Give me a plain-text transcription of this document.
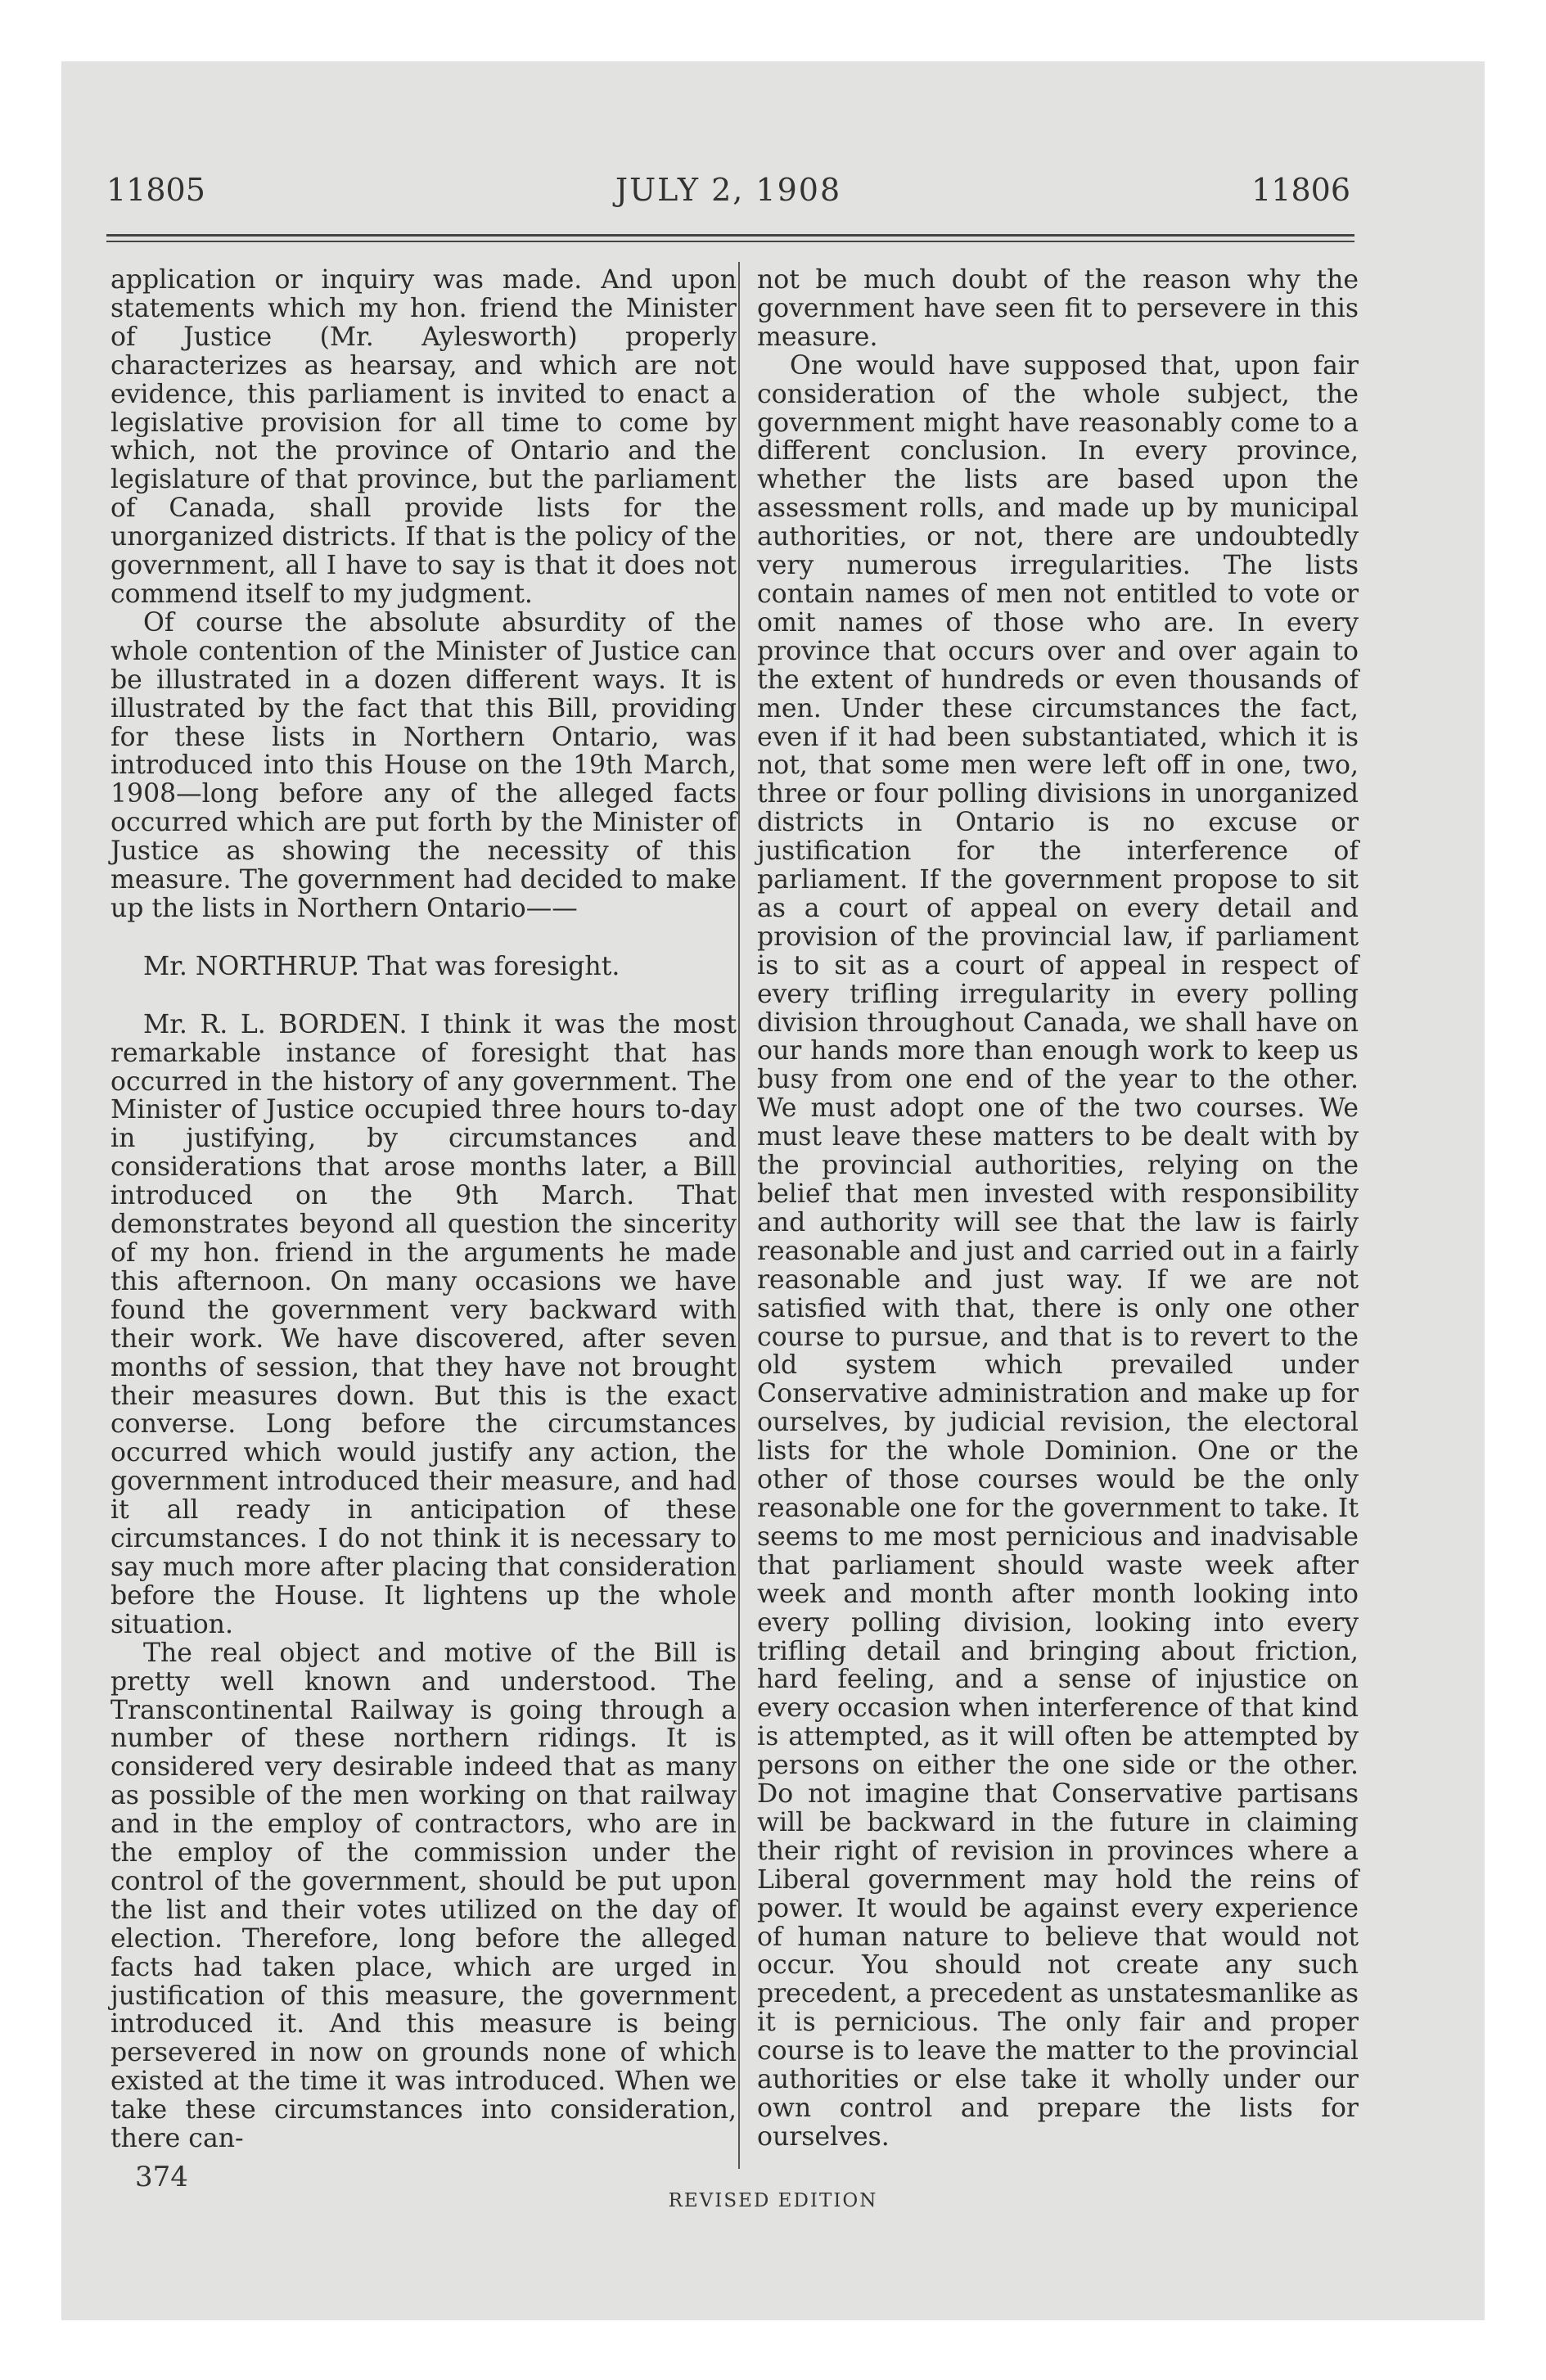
11805	JULY 2, 1908	11806

application or inquiry was made. And upon statements which my hon. friend the Minister of Justice (Mr. Aylesworth) properly characterizes as hearsay, and which are not evidence, this parliament is invited to enact a legislative provision for all time to come by which, not the province of Ontario and the legislature of that province, but the parliament of Canada, shall provide lists for the unorganized districts. If that is the policy of the government, all I have to say is that it does not commend itself to my judgment.

Of course the absolute absurdity of the whole contention of the Minister of Justice can be illustrated in a dozen different ways. It is illustrated by the fact that this Bill, providing for these lists in Northern Ontario, was introduced into this House on the 19th March, 1908—long before any of the alleged facts occurred which are put forth by the Minister of Justice as showing the necessity of this measure. The government had decided to make up the lists in Northern Ontario——

Mr. NORTHRUP. That was foresight.

Mr. R. L. BORDEN. I think it was the most remarkable instance of foresight that has occurred in the history of any government. The Minister of Justice occupied three hours to-day in justifying, by circumstances and considerations that arose months later, a Bill introduced on the 9th March. That demonstrates beyond all question the sincerity of my hon. friend in the arguments he made this afternoon. On many occasions we have found the government very backward with their work. We have discovered, after seven months of session, that they have not brought their measures down. But this is the exact converse. Long before the circumstances occurred which would justify any action, the government introduced their measure, and had it all ready in anticipation of these circumstances. I do not think it is necessary to say much more after placing that consideration before the House. It lightens up the whole situation.

The real object and motive of the Bill is pretty well known and understood. The Transcontinental Railway is going through a number of these northern ridings. It is considered very desirable indeed that as many as possible of the men working on that railway and in the employ of contractors, who are in the employ of the commission under the control of the government, should be put upon the list and their votes utilized on the day of election. Therefore, long before the alleged facts had taken place, which are urged in justification of this measure, the government introduced it. And this measure is being persevered in now on grounds none of which existed at the time it was introduced. When we take these circumstances into consideration, there can-

not be much doubt of the reason why the government have seen fit to persevere in this measure.

One would have supposed that, upon fair consideration of the whole subject, the government might have reasonably come to a different conclusion. In every province, whether the lists are based upon the assessment rolls, and made up by municipal authorities, or not, there are undoubtedly very numerous irregularities. The lists contain names of men not entitled to vote or omit names of those who are. In every province that occurs over and over again to the extent of hundreds or even thousands of men. Under these circumstances the fact, even if it had been substantiated, which it is not, that some men were left off in one, two, three or four polling divisions in unorganized districts in Ontario is no excuse or justification for the interference of parliament. If the government propose to sit as a court of appeal on every detail and provision of the provincial law, if parliament is to sit as a court of appeal in respect of every trifling irregularity in every polling division throughout Canada, we shall have on our hands more than enough work to keep us busy from one end of the year to the other. We must adopt one of the two courses. We must leave these matters to be dealt with by the provincial authorities, relying on the belief that men invested with responsibility and authority will see that the law is fairly reasonable and just and carried out in a fairly reasonable and just way. If we are not satisfied with that, there is only one other course to pursue, and that is to revert to the old system which prevailed under Conservative administration and make up for ourselves, by judicial revision, the electoral lists for the whole Dominion. One or the other of those courses would be the only reasonable one for the government to take. It seems to me most pernicious and inadvisable that parliament should waste week after week and month after month looking into every polling division, looking into every trifling detail and bringing about friction, hard feeling, and a sense of injustice on every occasion when interference of that kind is attempted, as it will often be attempted by persons on either the one side or the other. Do not imagine that Conservative partisans will be backward in the future in claiming their right of revision in provinces where a Liberal government may hold the reins of power. It would be against every experience of human nature to believe that would not occur. You should not create any such precedent, a precedent as unstatesmanlike as it is pernicious. The only fair and proper course is to leave the matter to the provincial authorities or else take it wholly under our own control and prepare the lists for ourselves.

374
REVISED EDITION
